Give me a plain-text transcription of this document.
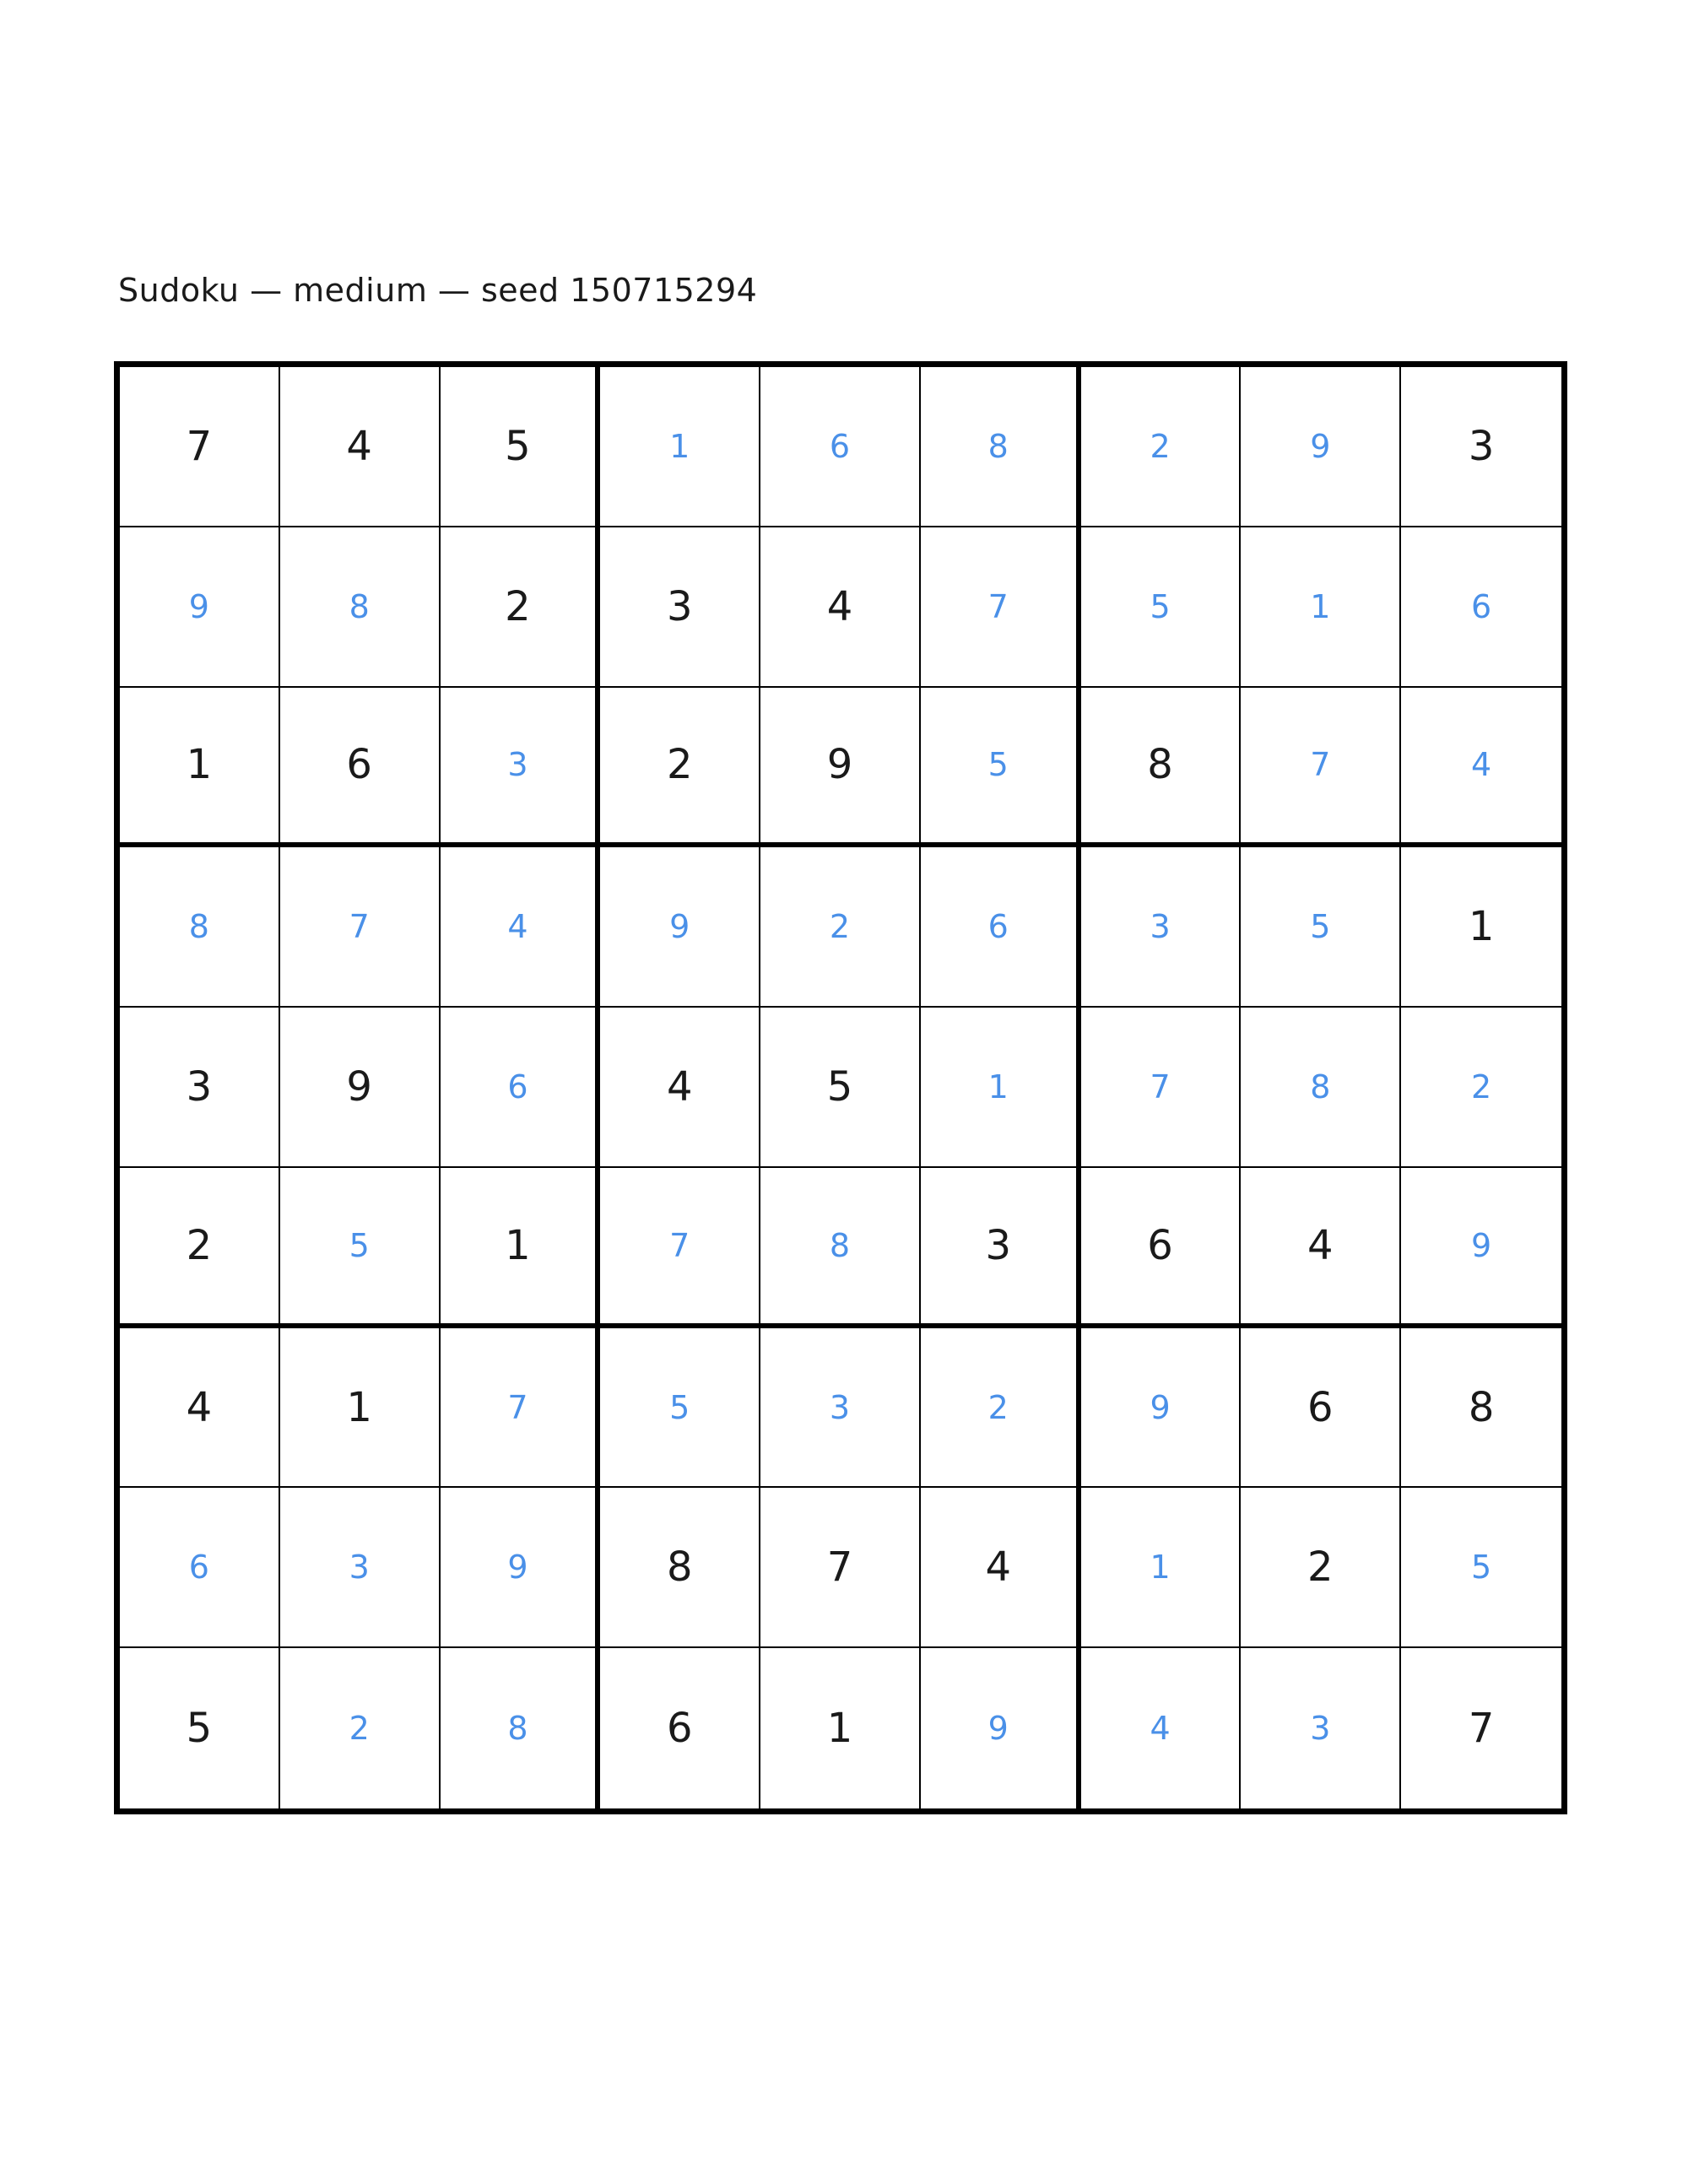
Sudoku — medium — seed 150715294
7	4	5	1	6	8	2	9	3
9	8	2	3	4	7	5	1	6
1	6	3	2	9	5	8	7	4
8	7	4	9	2	6	3	5	1
3	9	6	4	5	1	7	8	2
2	5	1	7	8	3	6	4	9
4	1	7	5	3	2	9	6	8
6	3	9	8	7	4	1	2	5
5	2	8	6	1	9	4	3	7
